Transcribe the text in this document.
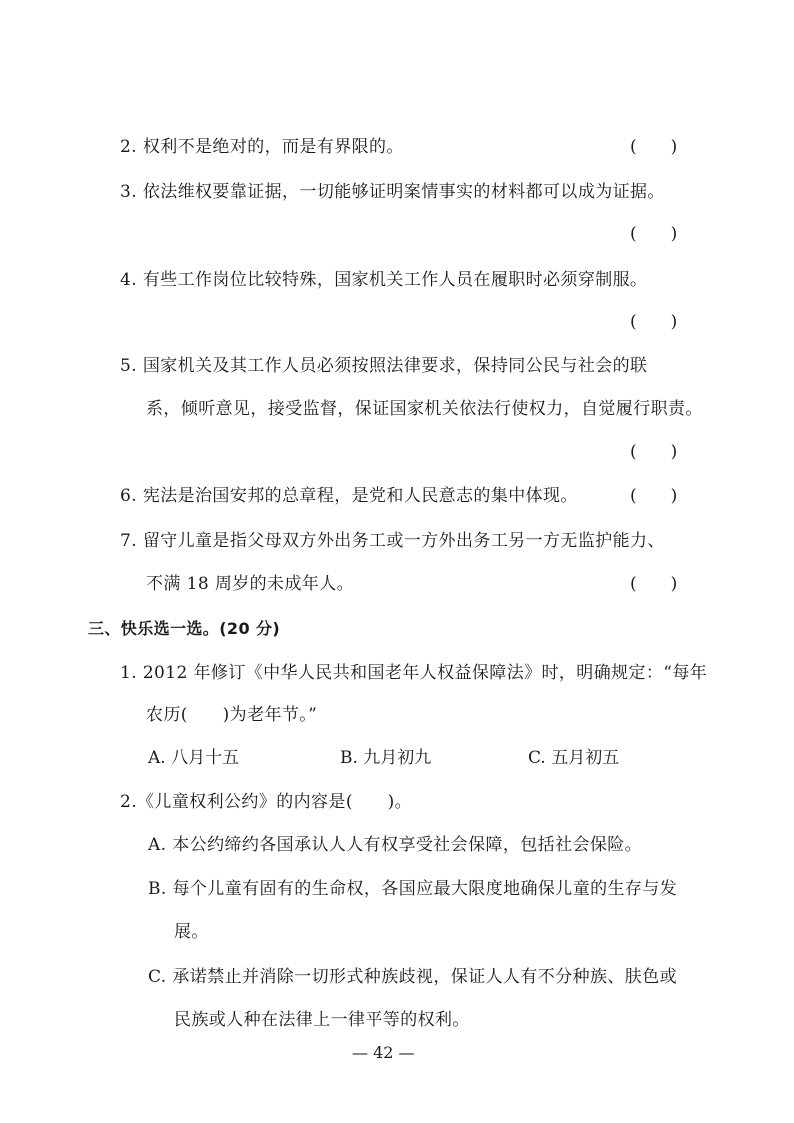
2. 权利不是绝对的，而是有界限的。	(　　)
3. 依法维权要靠证据，一切能够证明案情事实的材料都可以成为证据。
(　　)
4. 有些工作岗位比较特殊，国家机关工作人员在履职时必须穿制服。
(　　)
5. 国家机关及其工作人员必须按照法律要求，保持同公民与社会的联
系，倾听意见，接受监督，保证国家机关依法行使权力，自觉履行职责。
(　　)
6. 宪法是治国安邦的总章程，是党和人民意志的集中体现。	(　　)
7. 留守儿童是指父母双方外出务工或一方外出务工另一方无监护能力、
不满 18 周岁的未成年人。	(　　)
三、快乐选一选。(20 分)
1. 2012 年修订《中华人民共和国老年人权益保障法》时，明确规定：“每年
农历(　　)为老年节。”
A. 八月十五	B. 九月初九	C. 五月初五
2.《儿童权利公约》的内容是(　　)。
A. 本公约缔约各国承认人人有权享受社会保障，包括社会保险。
B. 每个儿童有固有的生命权，各国应最大限度地确保儿童的生存与发
展。
C. 承诺禁止并消除一切形式种族歧视，保证人人有不分种族、肤色或
民族或人种在法律上一律平等的权利。
— 42 —
